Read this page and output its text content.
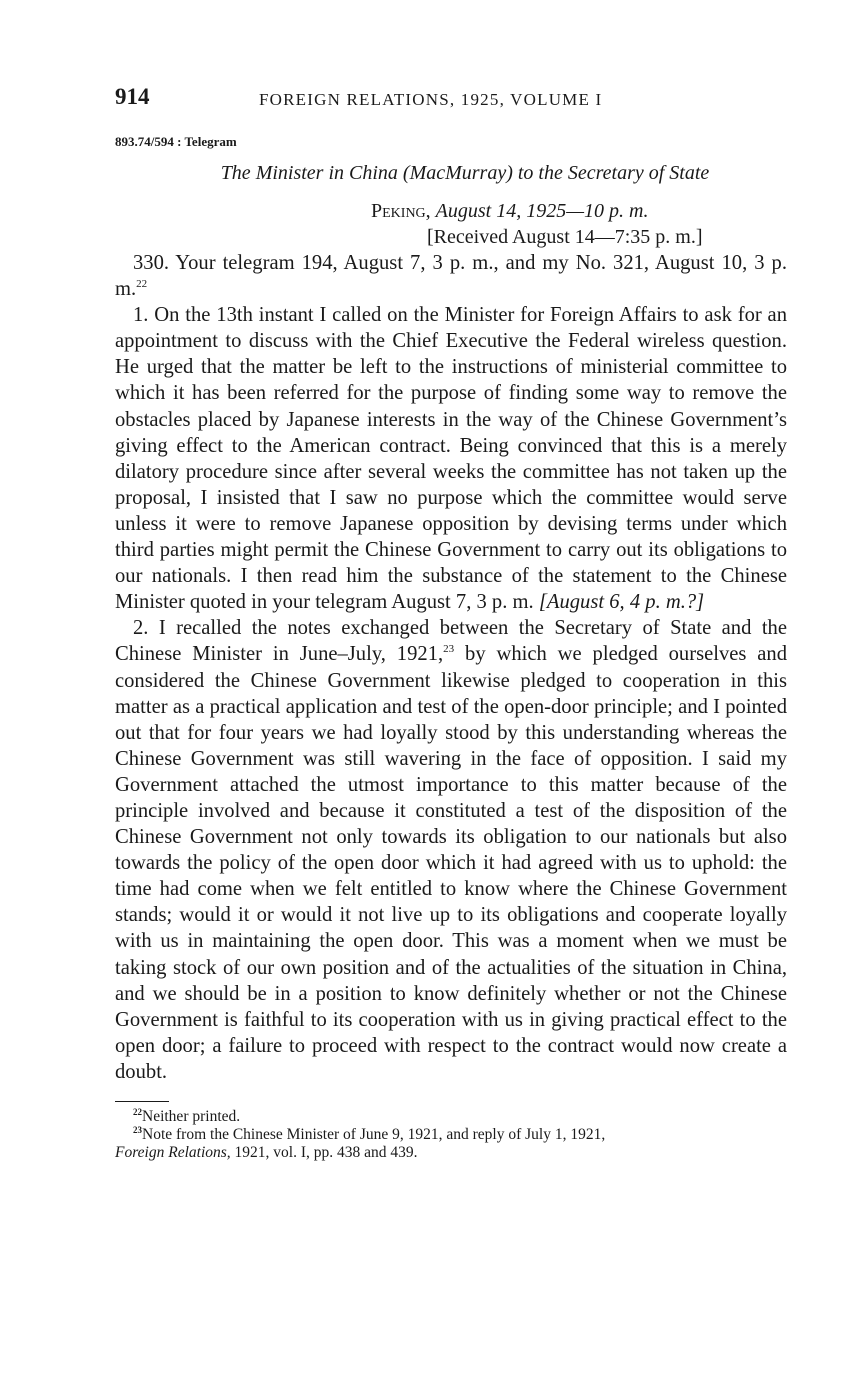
914	FOREIGN RELATIONS, 1925, VOLUME I
893.74/594 : Telegram
The Minister in China (MacMurray) to the Secretary of State
Peking, August 14, 1925—10 p. m.
[Received August 14—7:35 p. m.]

330. Your telegram 194, August 7, 3 p. m., and my No. 321, August 10, 3 p. m.$^{22}$

1. On the 13th instant I called on the Minister for Foreign Affairs to ask for an appointment to discuss with the Chief Executive the Federal wireless question. He urged that the matter be left to the instructions of ministerial committee to which it has been referred for the purpose of finding some way to remove the obstacles placed by Japanese interests in the way of the Chinese Government’s giving effect to the American contract. Being convinced that this is a merely dilatory procedure since after several weeks the committee has not taken up the proposal, I insisted that I saw no purpose which the committee would serve unless it were to remove Japanese opposition by devising terms under which third parties might permit the Chinese Government to carry out its obligations to our nationals. I then read him the substance of the statement to the Chinese Minister quoted in your telegram August 7, 3 p. m. [August 6, 4 p. m.?]

2. I recalled the notes exchanged between the Secretary of State and the Chinese Minister in June–July, 1921,23 by which we pledged ourselves and considered the Chinese Government likewise pledged to cooperation in this matter as a practical application and test of the open-door principle; and I pointed out that for four years we had loyally stood by this understanding whereas the Chinese Government was still wavering in the face of opposition. I said my Government attached the utmost importance to this matter because of the principle involved and because it constituted a test of the disposition of the Chinese Government not only towards its obligation to our nationals but also towards the policy of the open door which it had agreed with us to uphold: the time had come when we felt entitled to know where the Chinese Government stands; would it or would it not live up to its obligations and cooperate loyally with us in maintaining the open door. This was a moment when we must be taking stock of our own position and of the actualities of the situation in China, and we should be in a position to know definitely whether or not the Chinese Government is faithful to its cooperation with us in giving practical effect to the open door; a failure to proceed with respect to the contract would now create a doubt.

$^{22}$Neither printed.
$^{23}$Note from the Chinese Minister of June 9, 1921, and reply of July 1, 1921,
Foreign Relations, 1921, vol. I, pp. 438 and 439.
